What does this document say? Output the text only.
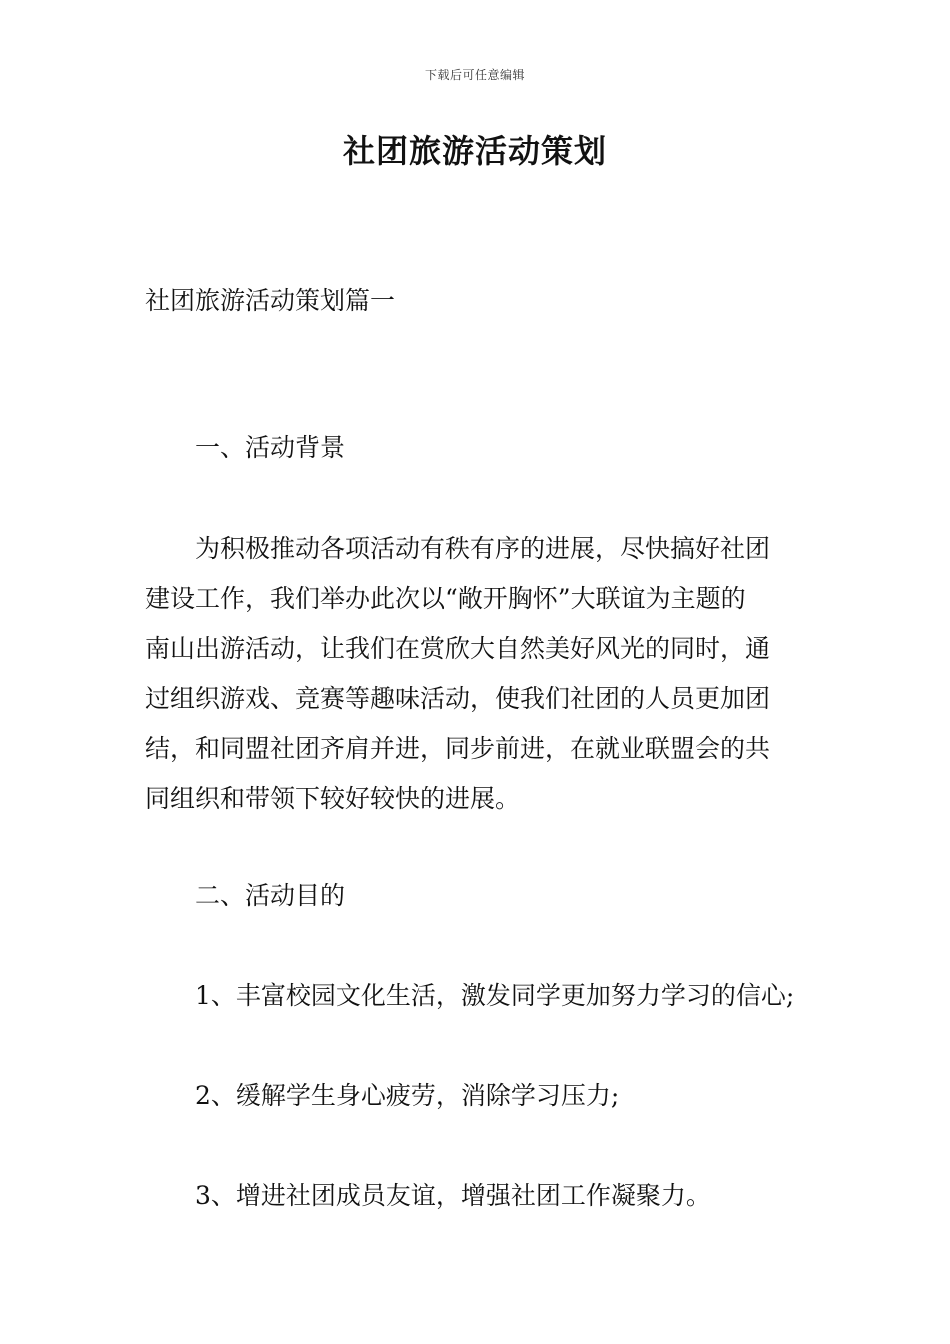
下载后可任意编辑
社团旅游活动策划

社团旅游活动策划篇一

一、活动背景

为积极推动各项活动有秩有序的进展，尽快搞好社团
建设工作，我们举办此次以“敞开胸怀”大联谊为主题的
南山出游活动，让我们在赏欣大自然美好风光的同时，通
过组织游戏、竞赛等趣味活动，使我们社团的人员更加团
结，和同盟社团齐肩并进，同步前进，在就业联盟会的共
同组织和带领下较好较快的进展。

二、活动目的

1、丰富校园文化生活，激发同学更加努力学习的信心;

2、缓解学生身心疲劳，消除学习压力;

3、增进社团成员友谊，增强社团工作凝聚力。
